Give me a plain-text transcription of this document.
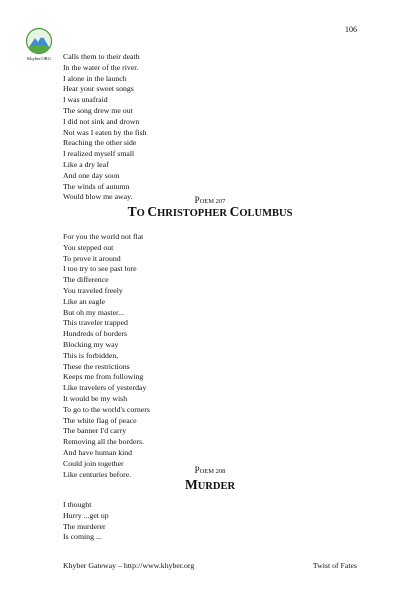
106
Khyber.ORG Calls them to their death
In the water of the river.
I alone in the launch
Hear your sweet songs
I was unafraid
The song drew me out
I did not sink and drown
Not was I eaten by the fish
Reaching the other side
I realized myself small
Like a dry leaf
And one day soon
The winds of autumn
Would blow me away.	POEM 207
TO CHRISTOPHER COLUMBUS
For you the world not flat
You stepped out
To prove it around
I too try to see past lore
The difference
You traveled freely
Like an eagle
But oh my master...
This traveler trapped
Hundreds of borders
Blocking my way
This is forbidden,
These the restrictions
Keeps me from following
Like travelers of yesterday
It would be my wish
To go to the world's corners
The white flag of peace
The banner I'd carry
Removing all the borders.
And have human kind
Could join together
Like centuries before.	POEM 208
MURDER
I thought
Hurry ...get up
The murderer
Is coming ...
Khyber Gateway – http://www.khyber.org	Twist of Fates
